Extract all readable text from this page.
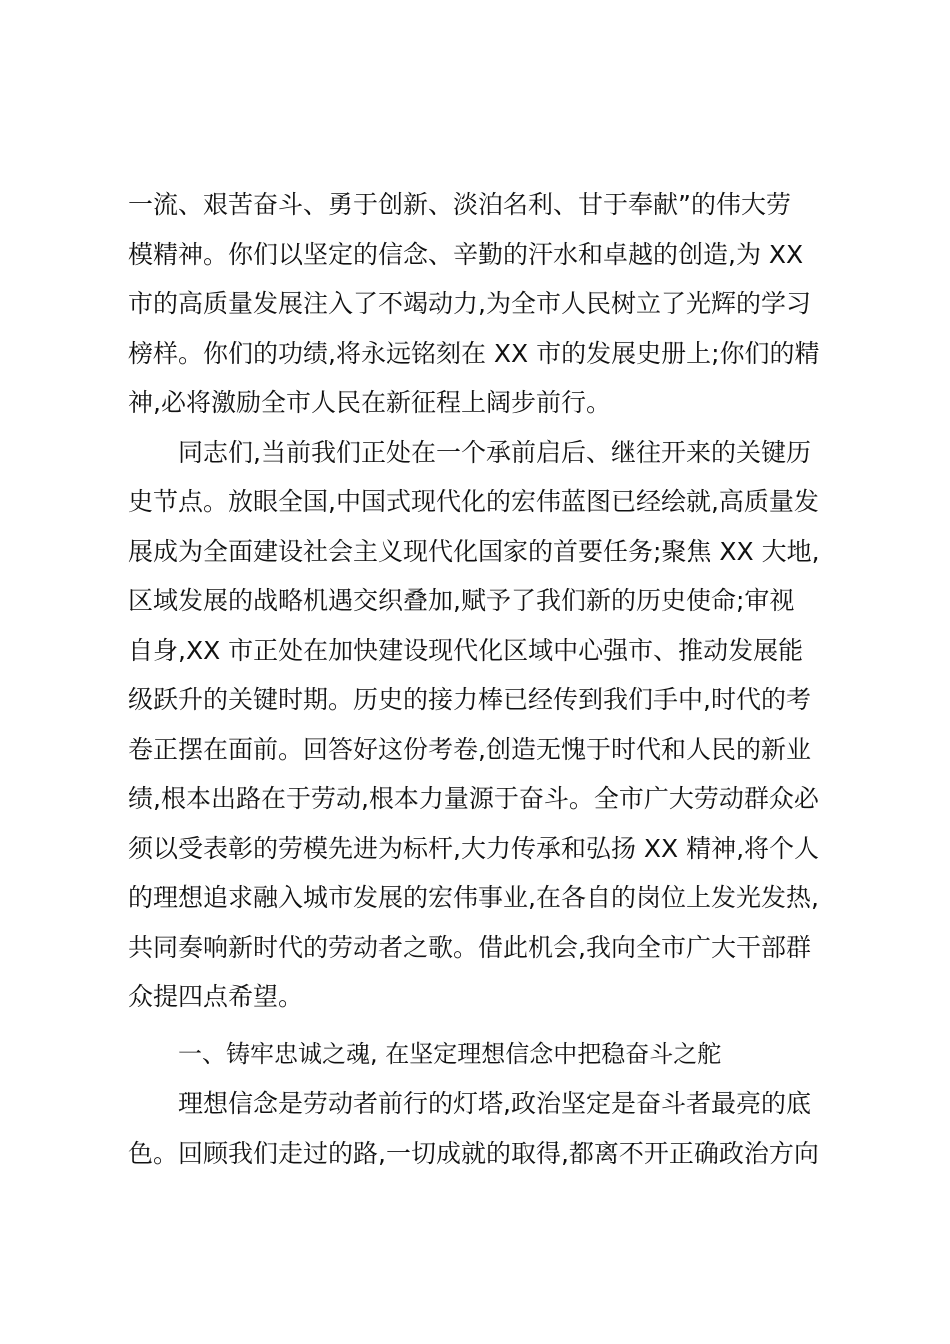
一流、艰苦奋斗、勇于创新、淡泊名利、甘于奉献”的伟大劳
模精神。你们以坚定的信念、辛勤的汗水和卓越的创造,为 XX
市的高质量发展注入了不竭动力,为全市人民树立了光辉的学习
榜样。你们的功绩,将永远铭刻在 XX 市的发展史册上;你们的精
神,必将激励全市人民在新征程上阔步前行。
同志们,当前我们正处在一个承前启后、继往开来的关键历
史节点。放眼全国,中国式现代化的宏伟蓝图已经绘就,高质量发
展成为全面建设社会主义现代化国家的首要任务;聚焦 XX 大地,
区域发展的战略机遇交织叠加,赋予了我们新的历史使命;审视
自身,XX 市正处在加快建设现代化区域中心强市、推动发展能
级跃升的关键时期。历史的接力棒已经传到我们手中,时代的考
卷正摆在面前。回答好这份考卷,创造无愧于时代和人民的新业
绩,根本出路在于劳动,根本力量源于奋斗。全市广大劳动群众必
须以受表彰的劳模先进为标杆,大力传承和弘扬 XX 精神,将个人
的理想追求融入城市发展的宏伟事业,在各自的岗位上发光发热,
共同奏响新时代的劳动者之歌。借此机会,我向全市广大干部群
众提四点希望。
一、铸牢忠诚之魂, 在坚定理想信念中把稳奋斗之舵
理想信念是劳动者前行的灯塔,政治坚定是奋斗者最亮的底
色。回顾我们走过的路,一切成就的取得,都离不开正确政治方向
